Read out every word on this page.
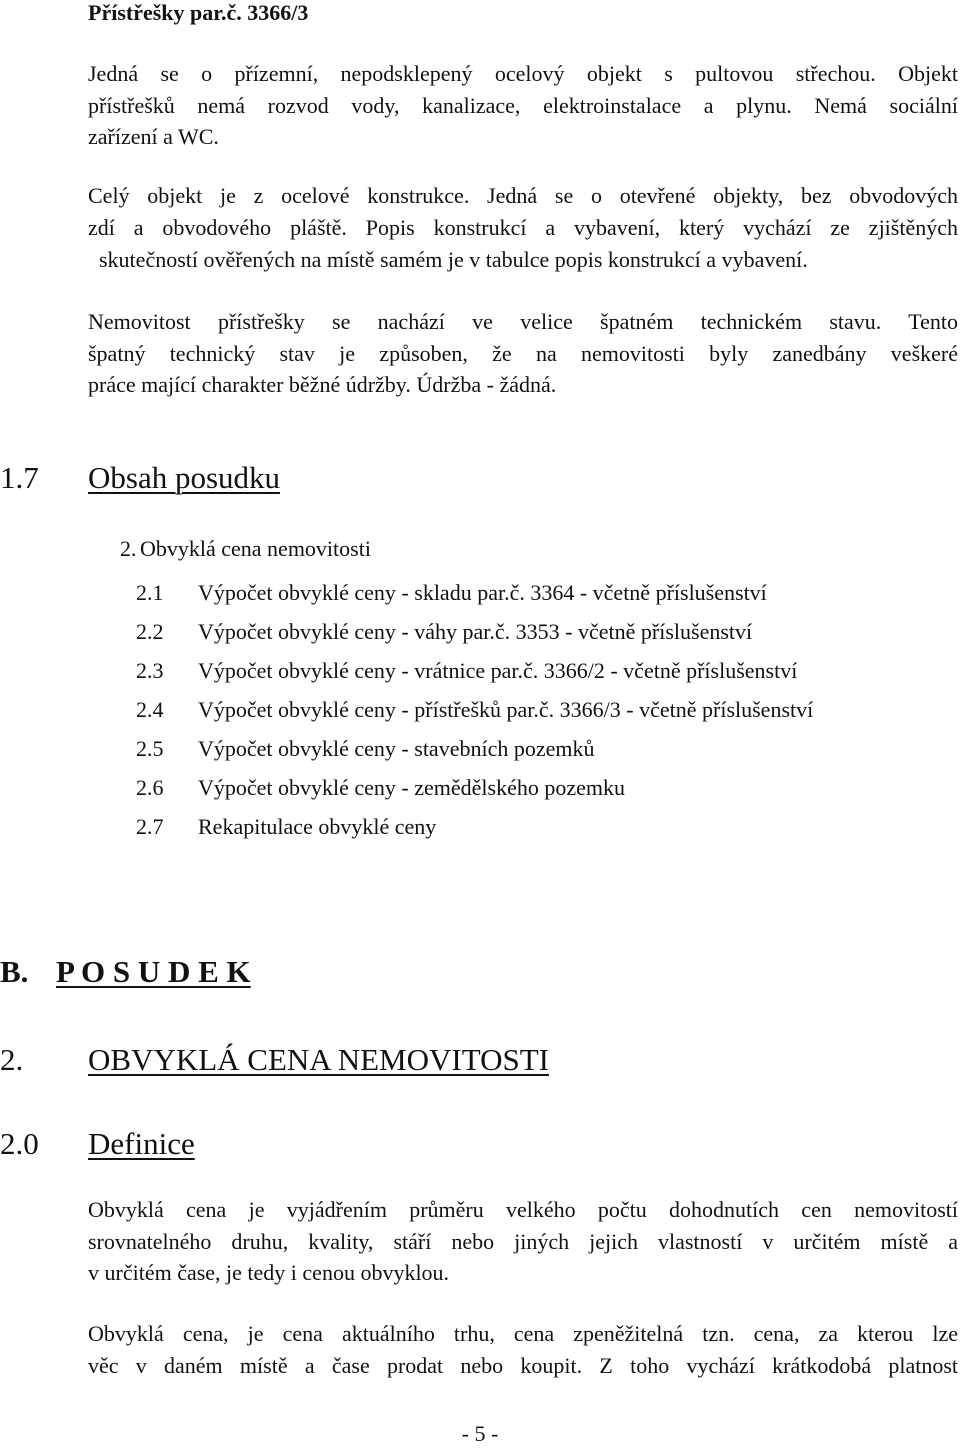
Přístřešky par.č. 3366/3
Jedná se o přízemní, nepodsklepený ocelový objekt s pultovou střechou. Objekt
přístřešků nemá rozvod vody, kanalizace, elektroinstalace a plynu. Nemá sociální
zařízení a WC.
Celý objekt je z ocelové konstrukce. Jedná se o otevřené objekty, bez obvodových
zdí a obvodového pláště. Popis konstrukcí a vybavení, který vychází ze zjištěných
skutečností ověřených na místě samém je v tabulce popis konstrukcí a vybavení.
Nemovitost přístřešky se nachází ve velice špatném technickém stavu. Tento
špatný technický stav je způsoben, že na nemovitosti byly zanedbány veškeré
práce mající charakter běžné údržby. Údržba - žádná.
1.7 Obsah posudku
2. Obvyklá cena nemovitosti
2.1 Výpočet obvyklé ceny - skladu par.č. 3364 - včetně příslušenství
2.2 Výpočet obvyklé ceny - váhy par.č. 3353 - včetně příslušenství
2.3 Výpočet obvyklé ceny - vrátnice par.č. 3366/2 - včetně příslušenství
2.4 Výpočet obvyklé ceny - přístřešků par.č. 3366/3 - včetně příslušenství
2.5 Výpočet obvyklé ceny - stavebních pozemků
2.6 Výpočet obvyklé ceny - zemědělského pozemku
2.7 Rekapitulace obvyklé ceny
B. P O S U D E K
2. OBVYKLÁ CENA NEMOVITOSTI
2.0 Definice
Obvyklá cena je vyjádřením průměru velkého počtu dohodnutích cen nemovitostí
srovnatelného druhu, kvality, stáří nebo jiných jejich vlastností v určitém místě a
v určitém čase, je tedy i cenou obvyklou.
Obvyklá cena, je cena aktuálního trhu, cena zpeněžitelná tzn. cena, za kterou lze
věc v daném místě a čase prodat nebo koupit. Z toho vychází krátkodobá platnost
- 5 -
